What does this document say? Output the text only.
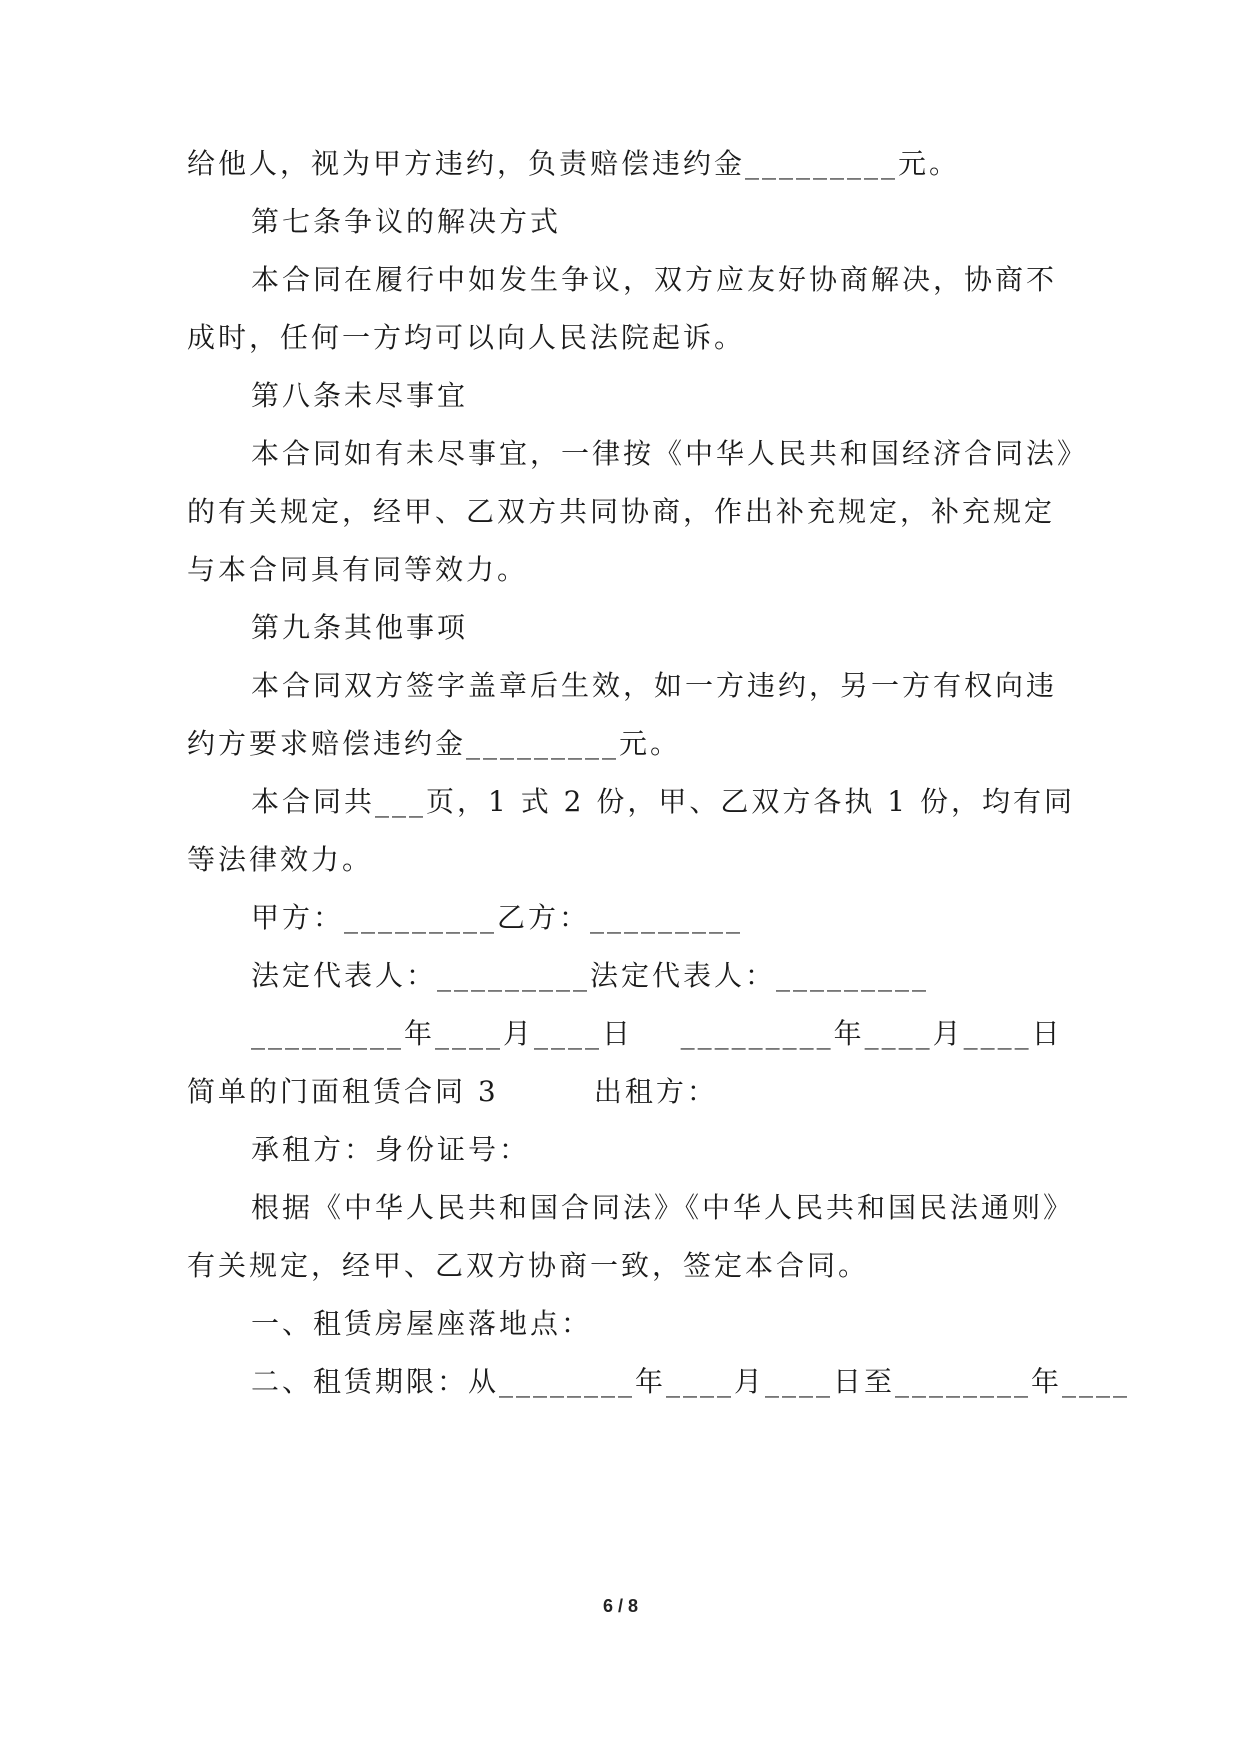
给他人，视为甲方违约，负责赔偿违约金_________元。
第七条争议的解决方式
本合同在履行中如发生争议，双方应友好协商解决，协商不
成时，任何一方均可以向人民法院起诉。
第八条未尽事宜
本合同如有未尽事宜，一律按《中华人民共和国经济合同法》
的有关规定，经甲、乙双方共同协商，作出补充规定，补充规定
与本合同具有同等效力。
第九条其他事项
本合同双方签字盖章后生效，如一方违约，另一方有权向违
约方要求赔偿违约金_________元。
本合同共___页，1 式 2 份，甲、乙双方各执 1 份，均有同
等法律效力。
甲方：_________乙方：_________
法定代表人：_________法定代表人：_________
_________年____月____日    _________年____月____日
简单的门面租赁合同 3        出租方：
承租方：身份证号：
根据《中华人民共和国合同法》《中华人民共和国民法通则》
有关规定，经甲、乙双方协商一致，签定本合同。
一、租赁房屋座落地点：
二、租赁期限：从________年____月____日至________年____
6 / 8
